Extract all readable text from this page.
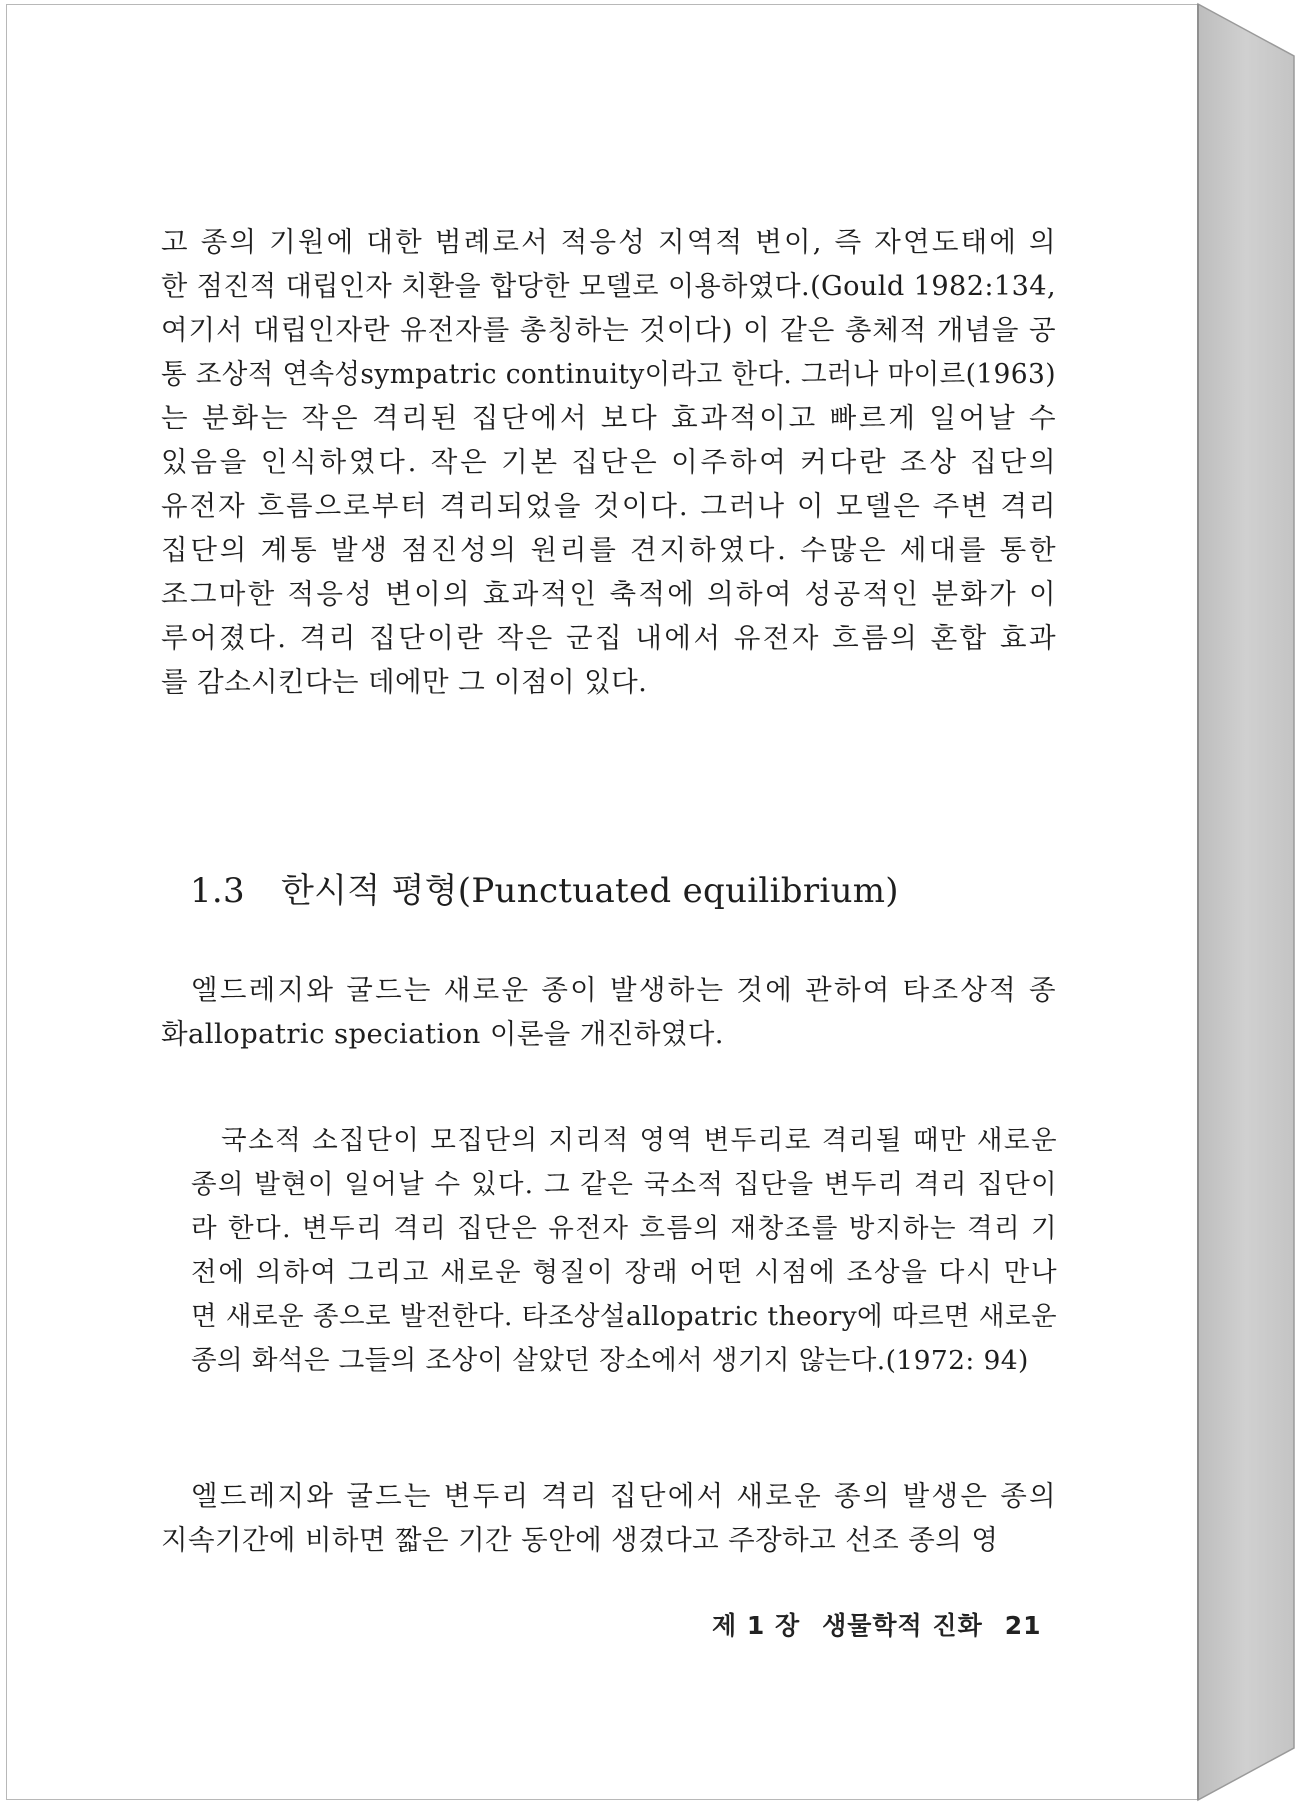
고 종의 기원에 대한 범례로서 적응성 지역적 변이, 즉 자연도태에 의
한 점진적 대립인자 치환을 합당한 모델로 이용하였다.(Gould 1982:134,
여기서 대립인자란 유전자를 총칭하는 것이다) 이 같은 총체적 개념을 공
통 조상적 연속성sympatric continuity이라고 한다. 그러나 마이르(1963)
는 분화는 작은 격리된 집단에서 보다 효과적이고 빠르게 일어날 수
있음을 인식하였다. 작은 기본 집단은 이주하여 커다란 조상 집단의
유전자 흐름으로부터 격리되었을 것이다. 그러나 이 모델은 주변 격리
집단의 계통 발생 점진성의 원리를 견지하였다. 수많은 세대를 통한
조그마한 적응성 변이의 효과적인 축적에 의하여 성공적인 분화가 이
루어졌다. 격리 집단이란 작은 군집 내에서 유전자 흐름의 혼합 효과
를 감소시킨다는 데에만 그 이점이 있다.
1.3 한시적 평형(Punctuated equilibrium)
엘드레지와 굴드는 새로운 종이 발생하는 것에 관하여 타조상적 종
화allopatric speciation 이론을 개진하였다.
국소적 소집단이 모집단의 지리적 영역 변두리로 격리될 때만 새로운
종의 발현이 일어날 수 있다. 그 같은 국소적 집단을 변두리 격리 집단이
라 한다. 변두리 격리 집단은 유전자 흐름의 재창조를 방지하는 격리 기
전에 의하여 그리고 새로운 형질이 장래 어떤 시점에 조상을 다시 만나
면 새로운 종으로 발전한다. 타조상설allopatric theory에 따르면 새로운
종의 화석은 그들의 조상이 살았던 장소에서 생기지 않는다.(1972: 94)
엘드레지와 굴드는 변두리 격리 집단에서 새로운 종의 발생은 종의
지속기간에 비하면 짧은 기간 동안에 생겼다고 주장하고 선조 종의 영
제 1 장 생물학적 진화 21
